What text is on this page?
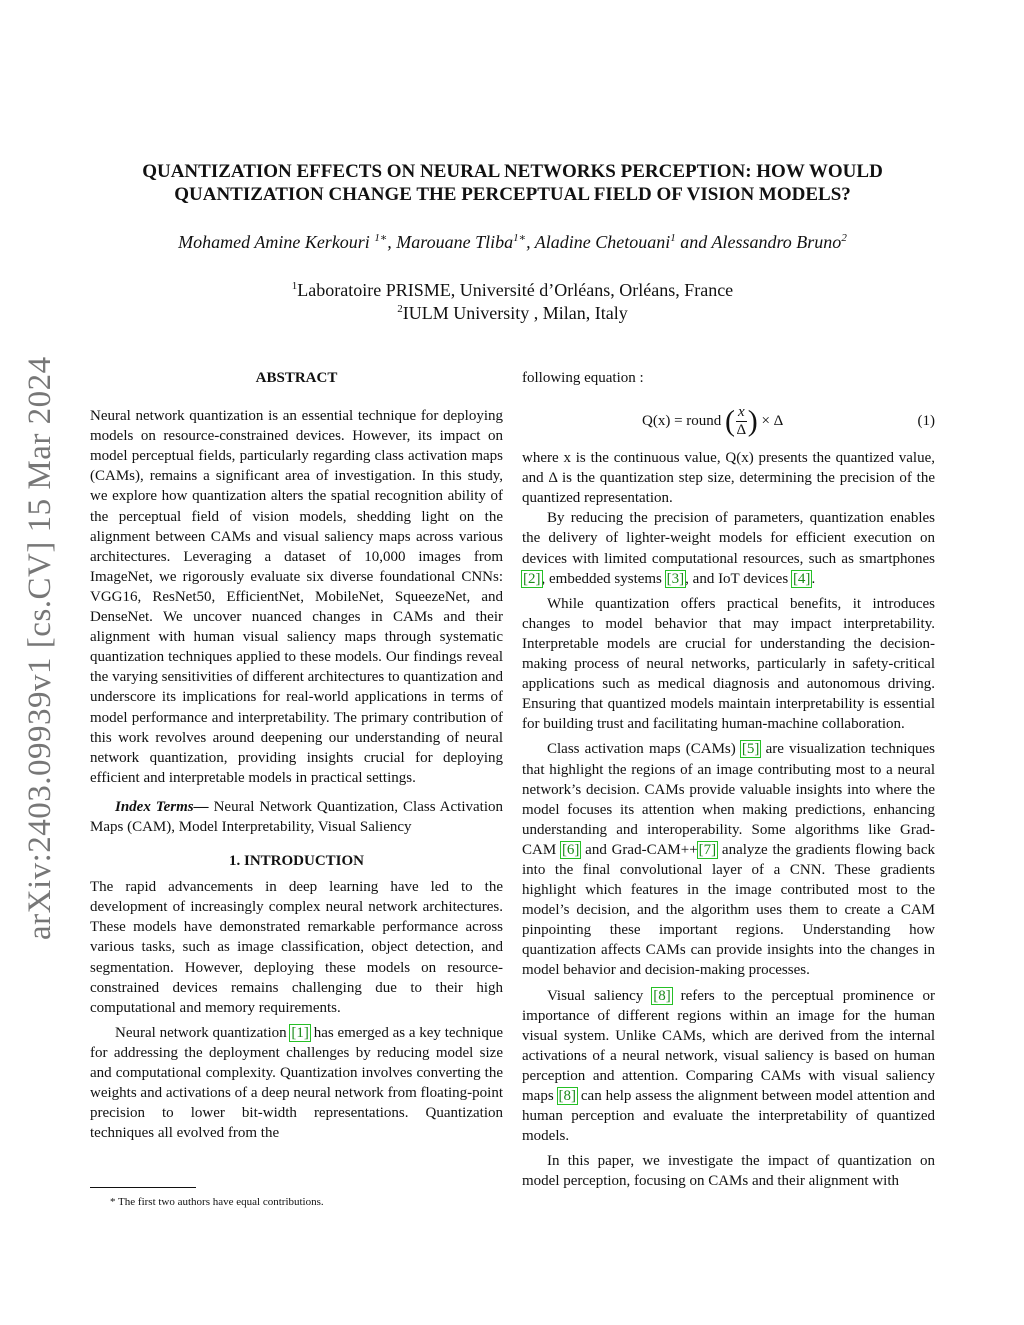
arXiv:2403.09939v1 [cs.CV] 15 Mar 2024
QUANTIZATION EFFECTS ON NEURAL NETWORKS PERCEPTION: HOW WOULD
QUANTIZATION CHANGE THE PERCEPTUAL FIELD OF VISION MODELS?
Mohamed Amine Kerkouri $^{1∗}$, Marouane Tliba$^{1∗}$, Aladine Chetouani$^1$ and Alessandro Bruno$^2$
$^1$Laboratoire PRISME, Université d’Orléans, Orléans, France
$^2$IULM University , Milan, Italy
ABSTRACT

Neural network quantization is an essential technique for deploying models on resource-constrained devices. However, its impact on model perceptual fields, particularly regarding class activation maps (CAMs), remains a significant area of investigation. In this study, we explore how quantization alters the spatial recognition ability of the perceptual field of vision models, shedding light on the alignment between CAMs and visual saliency maps across various architectures. Leveraging a dataset of 10,000 images from ImageNet, we rigorously evaluate six diverse foundational CNNs: VGG16, ResNet50, EfficientNet, MobileNet, SqueezeNet, and DenseNet. We uncover nuanced changes in CAMs and their alignment with human visual saliency maps through systematic quantization techniques applied to these models. Our findings reveal the varying sensitivities of different architectures to quantization and underscore its implications for real-world applications in terms of model performance and interpretability. The primary contribution of this work revolves around deepening our understanding of neural network quantization, providing insights crucial for deploying efficient and interpretable models in practical settings.

Index Terms— Neural Network Quantization, Class Activation Maps (CAM), Model Interpretability, Visual Saliency

1. INTRODUCTION

The rapid advancements in deep learning have led to the development of increasingly complex neural network architectures. These models have demonstrated remarkable performance across various tasks, such as image classification, object detection, and segmentation. However, deploying these models on resource-constrained devices remains challenging due to their high computational and memory requirements.

Neural network quantization [1] has emerged as a key technique for addressing the deployment challenges by reducing model size and computational complexity. Quantization involves converting the weights and activations of a deep neural network from floating-point precision to lower bit-width representations. Quantization techniques all evolved from the

following equation :

Q(x) = round ( $\frac{x}{\Delta}$ ) × Δ	(1)

where x is the continuous value, Q(x) presents the quantized value, and Δ is the quantization step size, determining the precision of the quantized representation.

By reducing the precision of parameters, quantization enables the delivery of lighter-weight models for efficient execution on devices with limited computational resources, such as smartphones [2], embedded systems [3], and IoT devices [4].

While quantization offers practical benefits, it introduces changes to model behavior that may impact interpretability. Interpretable models are crucial for understanding the decision-making process of neural networks, particularly in safety-critical applications such as medical diagnosis and autonomous driving. Ensuring that quantized models maintain interpretability is essential for building trust and facilitating human-machine collaboration.

Class activation maps (CAMs) [5] are visualization techniques that highlight the regions of an image contributing most to a neural network’s decision. CAMs provide valuable insights into where the model focuses its attention when making predictions, enhancing understanding and interoperability. Some algorithms like Grad-CAM [6] and Grad-CAM++[7] analyze the gradients flowing back into the final convolutional layer of a CNN. These gradients highlight which features in the image contributed most to the model’s decision, and the algorithm uses them to create a CAM pinpointing these important regions. Understanding how quantization affects CAMs can provide insights into the changes in model behavior and decision-making processes.

Visual saliency [8] refers to the perceptual prominence or importance of different regions within an image for the human visual system. Unlike CAMs, which are derived from the internal activations of a neural network, visual saliency is based on human perception and attention. Comparing CAMs with visual saliency maps [8] can help assess the alignment between model attention and human perception and evaluate the interpretability of quantized models.

In this paper, we investigate the impact of quantization on model perception, focusing on CAMs and their alignment with

* The first two authors have equal contributions.
